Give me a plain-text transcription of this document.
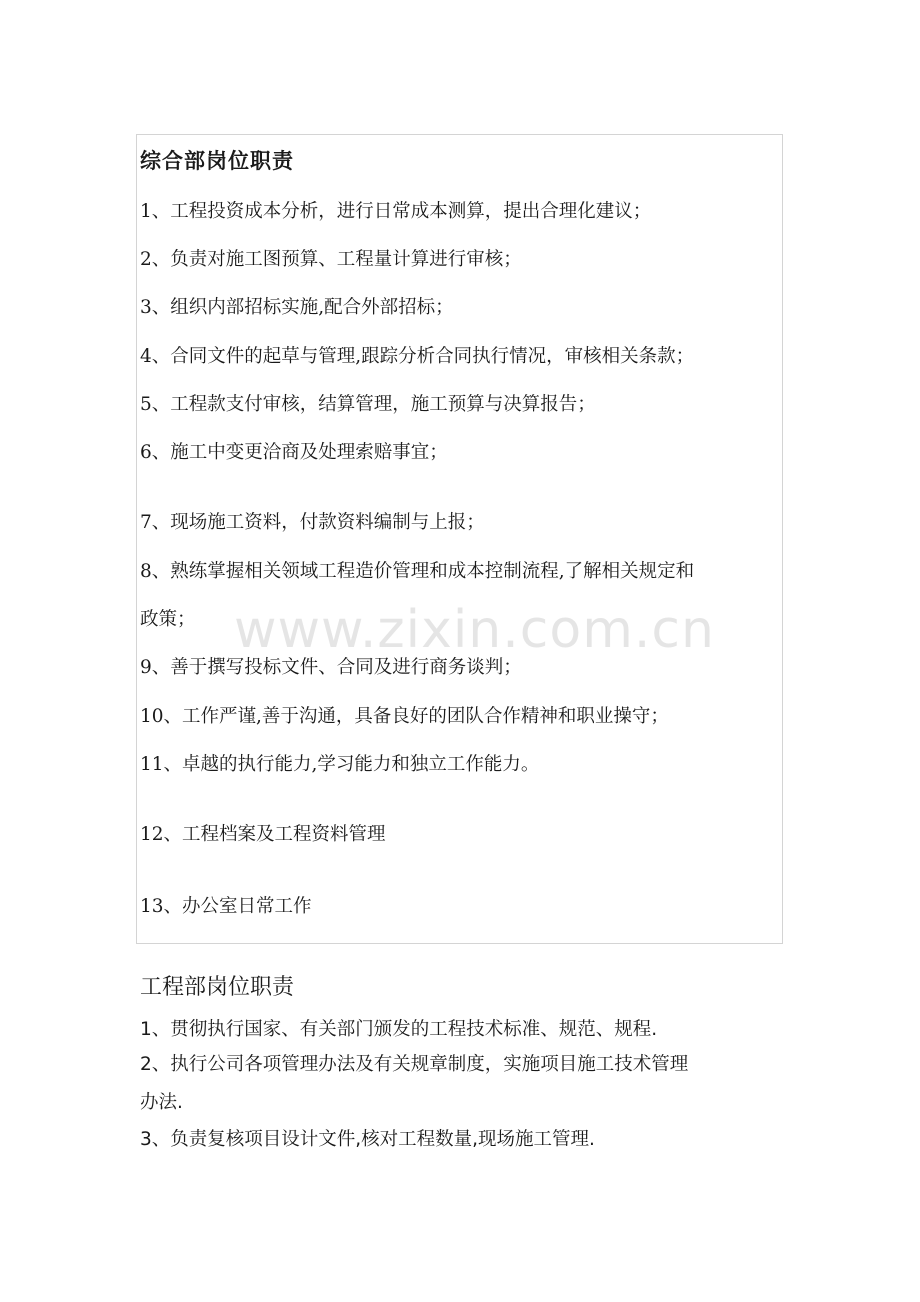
综合部岗位职责
1、工程投资成本分析，进行日常成本测算，提出合理化建议；
2、负责对施工图预算、工程量计算进行审核；
3、组织内部招标实施,配合外部招标；
4、合同文件的起草与管理,跟踪分析合同执行情况，审核相关条款；
5、工程款支付审核，结算管理，施工预算与决算报告；
6、施工中变更洽商及处理索赔事宜；
7、现场施工资料，付款资料编制与上报；
8、熟练掌握相关领域工程造价管理和成本控制流程,了解相关规定和
政策；
9、善于撰写投标文件、合同及进行商务谈判；
10、工作严谨,善于沟通，具备良好的团队合作精神和职业操守；
11、卓越的执行能力,学习能力和独立工作能力。
12、工程档案及工程资料管理
13、办公室日常工作
工程部岗位职责
1、贯彻执行国家、有关部门颁发的工程技术标准、规范、规程.
2、执行公司各项管理办法及有关规章制度，实施项目施工技术管理
办法.
3、负责复核项目设计文件,核对工程数量,现场施工管理.
www.zixin.com.cn
